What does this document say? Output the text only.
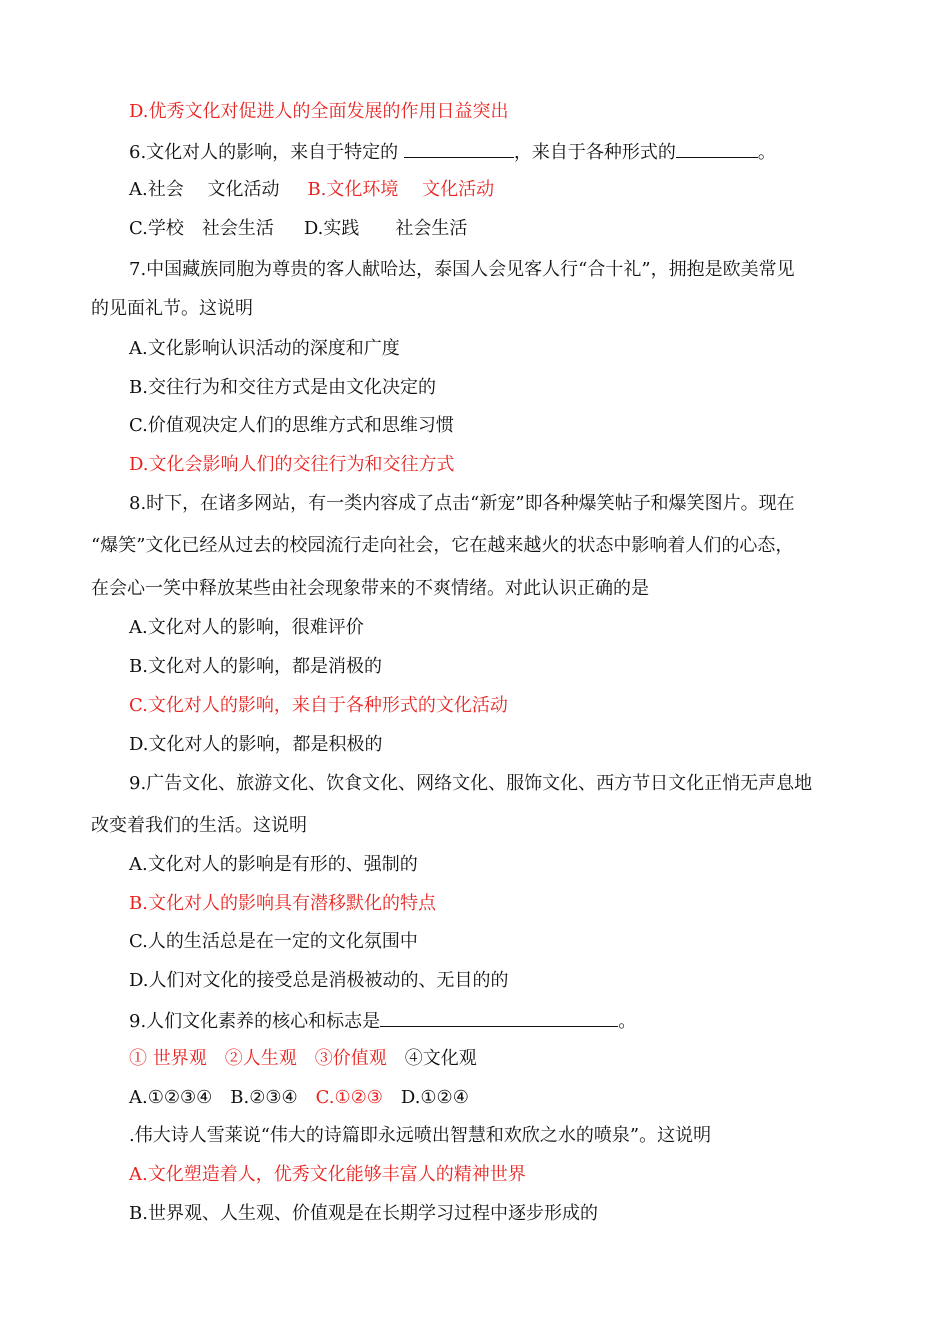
D.优秀文化对促进人的全面发展的作用日益突出
6.文化对人的影响，来自于特定的	，来自于各种形式的	。
A.社会　 文化活动 B.文化环境　 文化活动
C.学校　社会生活 D.实践　　社会生活
7.中国藏族同胞为尊贵的客人献哈达，泰国人会见客人行“合十礼”，拥抱是欧美常见
的见面礼节。这说明
A.文化影响认识活动的深度和广度
B.交往行为和交往方式是由文化决定的
C.价值观决定人们的思维方式和思维习惯
D.文化会影响人们的交往行为和交往方式
8.时下，在诸多网站，有一类内容成了点击“新宠”即各种爆笑帖子和爆笑图片。现在
“爆笑”文化已经从过去的校园流行走向社会，它在越来越火的状态中影响着人们的心态，
在会心一笑中释放某些由社会现象带来的不爽情绪。对此认识正确的是
A.文化对人的影响，很难评价
B.文化对人的影响，都是消极的
C.文化对人的影响，来自于各种形式的文化活动
D.文化对人的影响，都是积极的
9.广告文化、旅游文化、饮食文化、网络文化、服饰文化、西方节日文化正悄无声息地
改变着我们的生活。这说明
A.文化对人的影响是有形的、强制的
B.文化对人的影响具有潜移默化的特点
C.人的生活总是在一定的文化氛围中
D.人们对文化的接受总是消极被动的、无目的的
9.人们文化素养的核心和标志是	。
① 世界观　②人生观　③价值观　④文化观
A.①②③④　B.②③④　C.①②③　D.①②④
.伟大诗人雪莱说“伟大的诗篇即永远喷出智慧和欢欣之水的喷泉”。这说明
A.文化塑造着人，优秀文化能够丰富人的精神世界
B.世界观、人生观、价值观是在长期学习过程中逐步形成的
